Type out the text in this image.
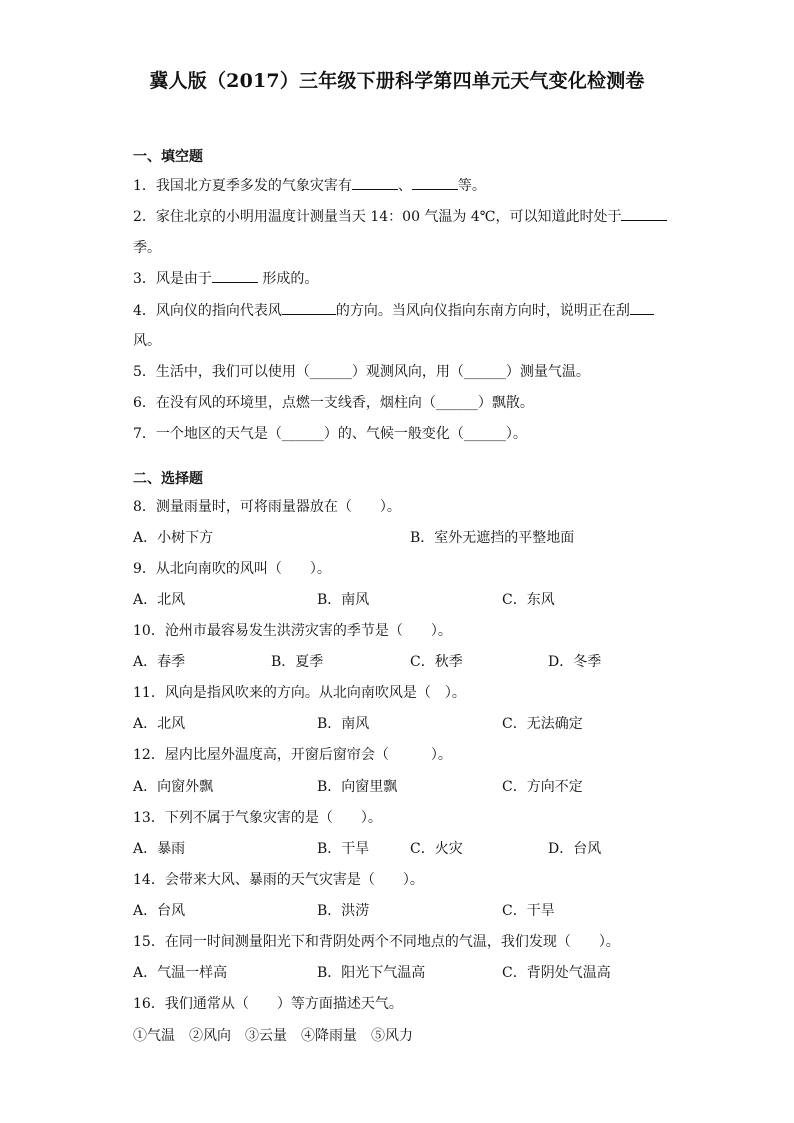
冀人版（2017）三年级下册科学第四单元天气变化检测卷
一、填空题
1．我国北方夏季多发的气象灾害有	、	等。
2．家住北京的小明用温度计测量当天 14：00 气温为 4℃，可以知道此时处于
季。
3．风是由于	形成的。
4．风向仪的指向代表风	的方向。当风向仪指向东南方向时，说明正在刮
风。
5．生活中，我们可以使用（______）观测风向，用（______）测量气温。
6．在没有风的环境里，点燃一支线香，烟柱向（______）飘散。
7．一个地区的天气是（______）的、气候一般变化（______）。
二、选择题
8．测量雨量时，可将雨量器放在（　　）。
A．小树下方	B．室外无遮挡的平整地面
9．从北向南吹的风叫（　　）。
A．北风	B．南风	C．东风
10．沧州市最容易发生洪涝灾害的季节是（　　）。
A．春季	B．夏季	C．秋季	D．冬季
11．风向是指风吹来的方向。从北向南吹风是（　）。
A．北风	B．南风	C．无法确定
12．屋内比屋外温度高，开窗后窗帘会（　　　）。
A．向窗外飘	B．向窗里飘	C．方向不定
13．下列不属于气象灾害的是（　　）。
A．暴雨	B．干旱	C．火灾	D．台风
14．会带来大风、暴雨的天气灾害是（　　）。
A．台风	B．洪涝	C．干旱
15．在同一时间测量阳光下和背阴处两个不同地点的气温，我们发现（　　）。
A．气温一样高	B．阳光下气温高	C．背阴处气温高
16．我们通常从（　　）等方面描述天气。
①气温　②风向　③云量　④降雨量　⑤风力
